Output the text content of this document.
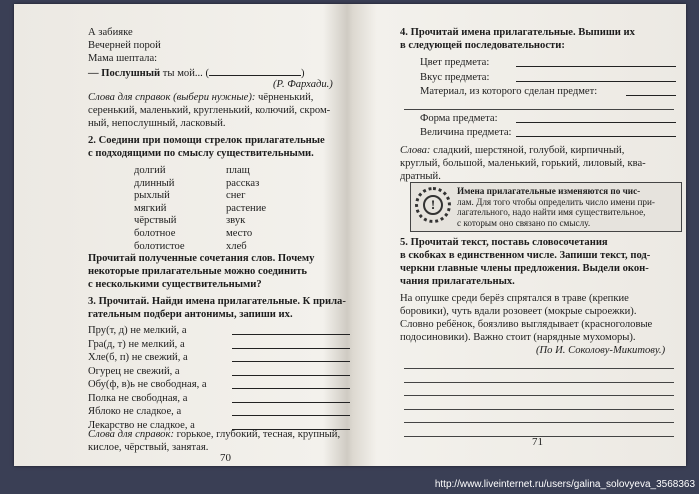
А забияке
Вечерней порой
Мама шептала:
— Послушный ты мой... (	)
(Р. Фархади.)
Слова для справок (выбери нужные): чёрненький,
серенький, маленький, кругленький, колючий, скром-
ный, непослушный, ласковый.
2. Соедини при помощи стрелок прилагательные
с подходящими по смыслу существительными.
долгий
длинный
рыхлый
мягкий
чёрствый
болотное
болотистое
плащ
рассказ
снег
растение
звук
место
хлеб
Прочитай полученные сочетания слов. Почему
некоторые прилагательные можно соединить
с несколькими существительными?
3. Прочитай. Найди имена прилагательные. К прила-
гательным подбери антонимы, запиши их.
Пру(т, д) не мелкий, а
Гра(д, т) не мелкий, а
Хле(б, п) не свежий, а
Огурец не свежий, а
Обу(ф, в)ь не свободная, а
Полка не свободная, а
Яблоко не сладкое, а
Лекарство не сладкое, а
Слова для справок: горькое, глубокий, тесная, крупный,
кислое, чёрствый, занятая.
70
4. Прочитай имена прилагательные. Выпиши их
в следующей последовательности:
Цвет предмета:
Вкус предмета:
Материал, из которого сделан предмет:
Форма предмета:
Величина предмета:
Слова: сладкий, шерстяной, голубой, кирпичный,
круглый, большой, маленький, горький, лиловый, ква-
дратный.
!
Имена прилагательные изменяются по чис-
лам. Для того чтобы определить число имени при-
лагательного, надо найти имя существительное,
с которым оно связано по смыслу.
5. Прочитай текст, поставь словосочетания
в скобках в единственном числе. Запиши текст, под-
черкни главные члены предложения. Выдели окон-
чания прилагательных.
На опушке среди берёз спрятался в траве (крепкие
боровики), чуть вдали розовеет (мокрые сыроежки).
Словно ребёнок, боязливо выглядывает (красноголовые
подосиновики). Важно стоит (нарядные мухоморы).
(По И. Соколову-Микитову.)
71
http://www.liveinternet.ru/users/galina_solovyeva_3568363
